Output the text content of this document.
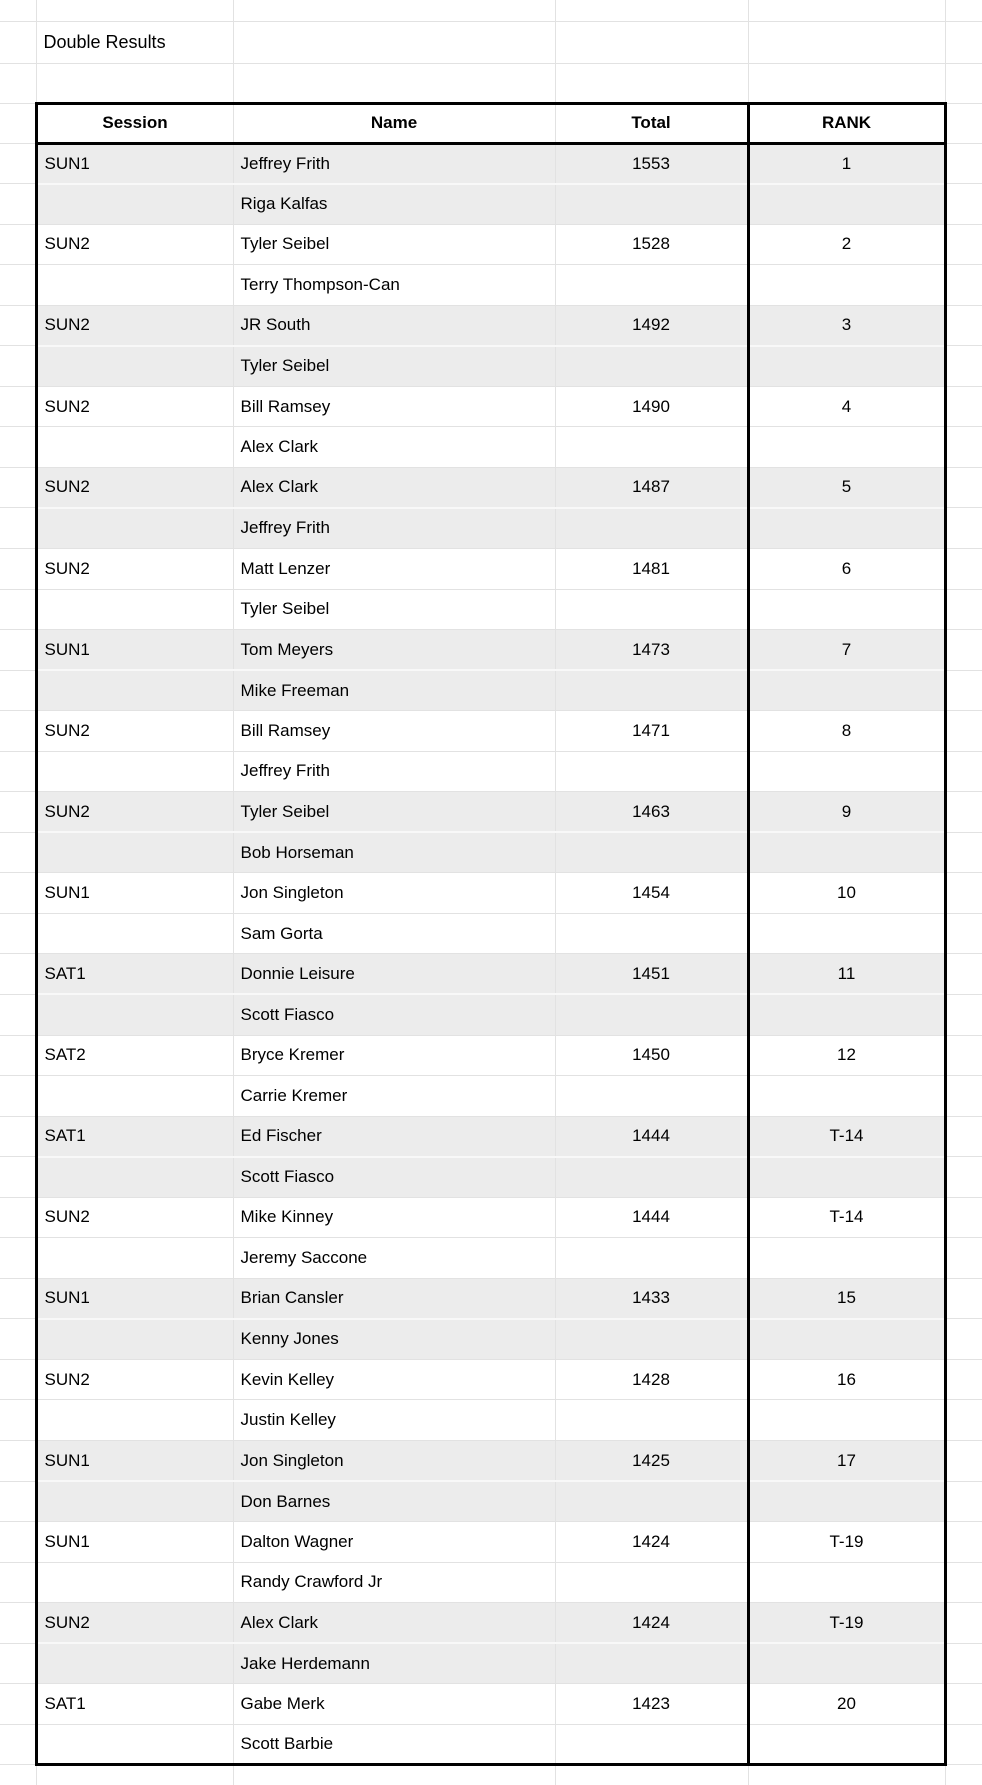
	Double Results				

	Session	Name	Total	RANK	
	SUN1	Jeffrey Frith	1553	1	
		Riga Kalfas			
	SUN2	Tyler Seibel	1528	2	
		Terry Thompson-Can			
	SUN2	JR South	1492	3	
		Tyler Seibel			
	SUN2	Bill Ramsey	1490	4	
		Alex Clark			
	SUN2	Alex Clark	1487	5	
		Jeffrey Frith			
	SUN2	Matt Lenzer	1481	6	
		Tyler Seibel			
	SUN1	Tom Meyers	1473	7	
		Mike Freeman			
	SUN2	Bill Ramsey	1471	8	
		Jeffrey Frith			
	SUN2	Tyler Seibel	1463	9	
		Bob Horseman			
	SUN1	Jon Singleton	1454	10	
		Sam Gorta			
	SAT1	Donnie Leisure	1451	11	
		Scott Fiasco			
	SAT2	Bryce Kremer	1450	12	
		Carrie Kremer			
	SAT1	Ed Fischer	1444	T-14	
		Scott Fiasco			
	SUN2	Mike Kinney	1444	T-14	
		Jeremy Saccone			
	SUN1	Brian Cansler	1433	15	
		Kenny Jones			
	SUN2	Kevin Kelley	1428	16	
		Justin Kelley			
	SUN1	Jon Singleton	1425	17	
		Don Barnes			
	SUN1	Dalton Wagner	1424	T-19	
		Randy Crawford Jr			
	SUN2	Alex Clark	1424	T-19	
		Jake Herdemann			
	SAT1	Gabe Merk	1423	20	
		Scott Barbie			
